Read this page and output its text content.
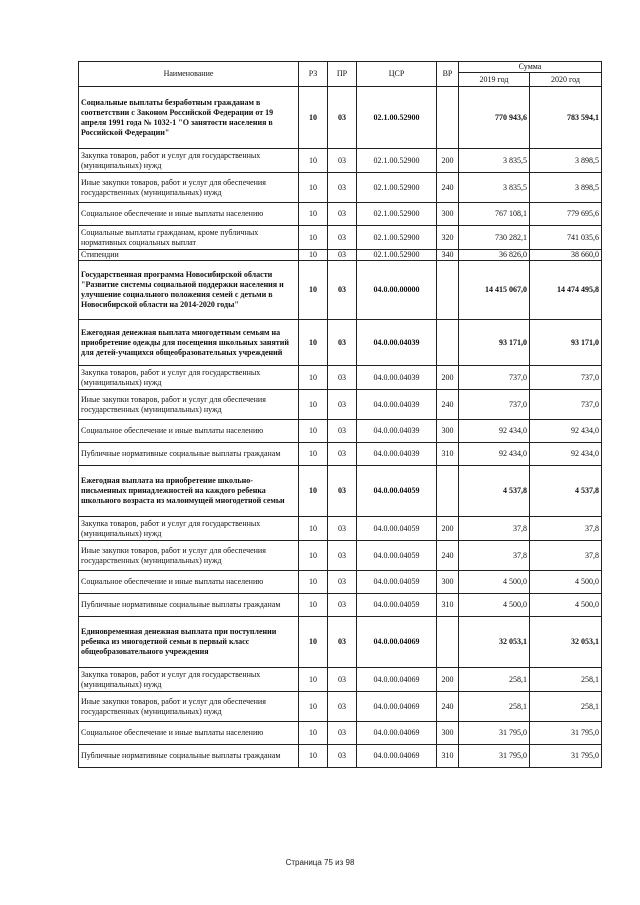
Наименование	РЗ	ПР	ЦСР	ВР	Сумма	
					2019 год	2020 год
Социальные выплаты безработным гражданам в соответствии с Законом Российской Федерации от 19 апреля 1991 года № 1032-1 "О занятости населения в Российской Федерации"	10	03	02.1.00.52900		770 943,6	783 594,1
Закупка товаров, работ и услуг для государственных (муниципальных) нужд	10	03	02.1.00.52900	200	3 835,5	3 898,5
Иные закупки товаров, работ и услуг для обеспечения государственных (муниципальных) нужд	10	03	02.1.00.52900	240	3 835,5	3 898,5
Социальное обеспечение и иные выплаты населению	10	03	02.1.00.52900	300	767 108,1	779 695,6
Социальные выплаты гражданам, кроме публичных нормативных социальных выплат	10	03	02.1.00.52900	320	730 282,1	741 035,6
Стипендии	10	03	02.1.00.52900	340	36 826,0	38 660,0
Государственная программа Новосибирской области "Развитие системы социальной поддержки населения и улучшение социального положения семей с детьми в Новосибирской области на 2014-2020 годы"	10	03	04.0.00.00000		14 415 067,0	14 474 495,8
Ежегодная денежная выплата многодетным семьям на приобретение одежды для посещения школьных занятий для детей-учащихся общеобразовательных учреждений	10	03	04.0.00.04039		93 171,0	93 171,0
Закупка товаров, работ и услуг для государственных (муниципальных) нужд	10	03	04.0.00.04039	200	737,0	737,0
Иные закупки товаров, работ и услуг для обеспечения государственных (муниципальных) нужд	10	03	04.0.00.04039	240	737,0	737,0
Социальное обеспечение и иные выплаты населению	10	03	04.0.00.04039	300	92 434,0	92 434,0
Публичные нормативные социальные выплаты гражданам	10	03	04.0.00.04039	310	92 434,0	92 434,0
Ежегодная выплата на приобретение школьно-письменных принадлежностей на каждого ребенка школьного возраста из малоимущей многодетной семьи	10	03	04.0.00.04059		4 537,8	4 537,8
Закупка товаров, работ и услуг для государственных (муниципальных) нужд	10	03	04.0.00.04059	200	37,8	37,8
Иные закупки товаров, работ и услуг для обеспечения государственных (муниципальных) нужд	10	03	04.0.00.04059	240	37,8	37,8
Социальное обеспечение и иные выплаты населению	10	03	04.0.00.04059	300	4 500,0	4 500,0
Публичные нормативные социальные выплаты гражданам	10	03	04.0.00.04059	310	4 500,0	4 500,0
Единовременная денежная выплата при поступлении ребенка из многодетной семьи в первый класс общеобразовательного учреждения	10	03	04.0.00.04069		32 053,1	32 053,1
Закупка товаров, работ и услуг для государственных (муниципальных) нужд	10	03	04.0.00.04069	200	258,1	258,1
Иные закупки товаров, работ и услуг для обеспечения государственных (муниципальных) нужд	10	03	04.0.00.04069	240	258,1	258,1
Социальное обеспечение и иные выплаты населению	10	03	04.0.00.04069	300	31 795,0	31 795,0
Публичные нормативные социальные выплаты гражданам	10	03	04.0.00.04069	310	31 795,0	31 795,0
Страница 75 из 98
